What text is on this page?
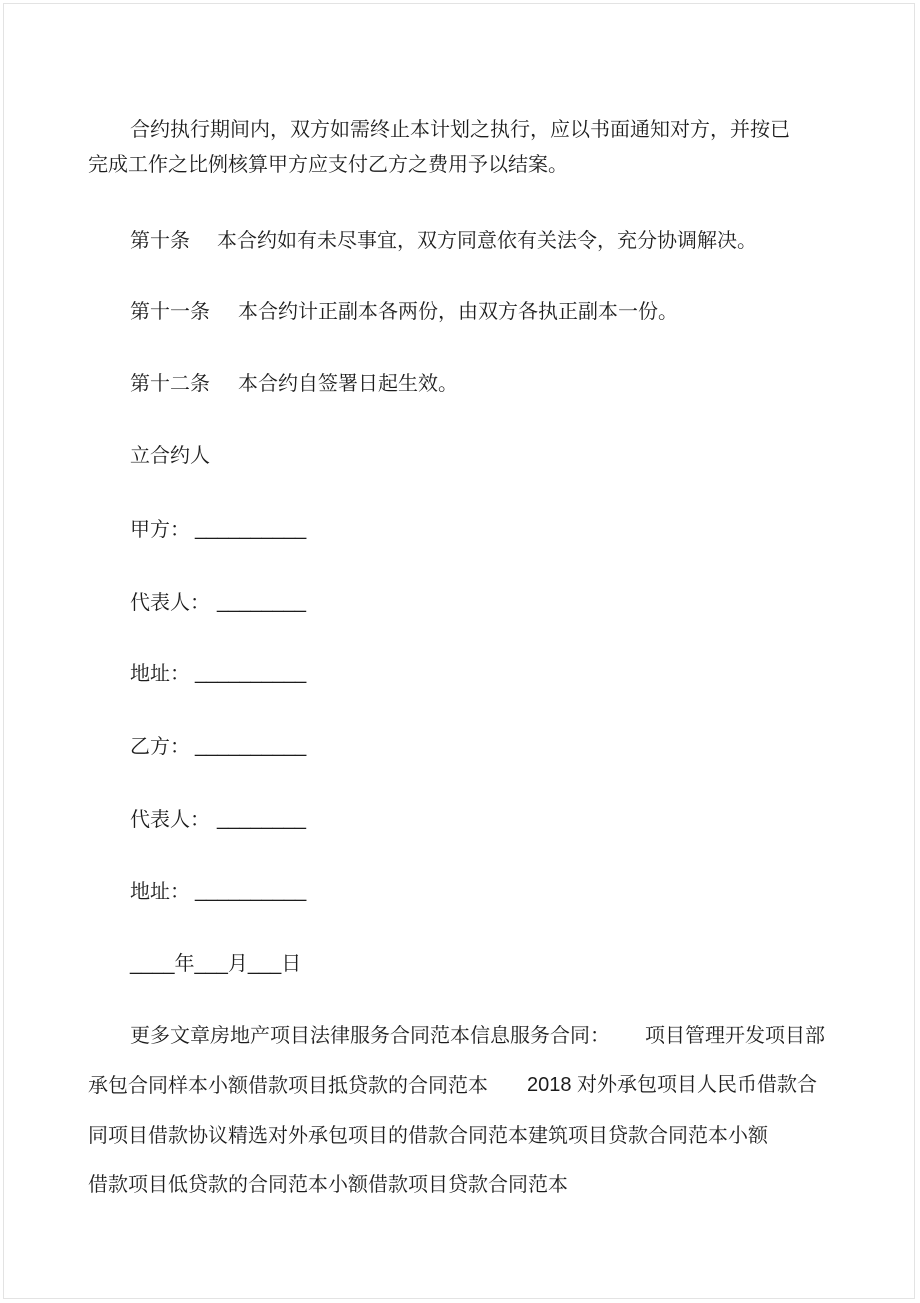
合约执行期间内，双方如需终止本计划之执行，应以书面通知对方，并按已
完成工作之比例核算甲方应支付乙方之费用予以结案。
第十条 本合约如有未尽事宜，双方同意依有关法令，充分协调解决。
第十一条 本合约计正副本各两份，由双方各执正副本一份。
第十二条 本合约自签署日起生效。
立合约人
甲方： __________
代表人： ________
地址： __________
乙方： __________
代表人： ________
地址： __________
____年___月___日
更多文章房地产项目法律服务合同范本信息服务合同： 项目管理开发项目部
承包合同样本小额借款项目抵贷款的合同范本 2018 对外承包项目人民币借款合
同项目借款协议精选对外承包项目的借款合同范本建筑项目贷款合同范本小额
借款项目低贷款的合同范本小额借款项目贷款合同范本
